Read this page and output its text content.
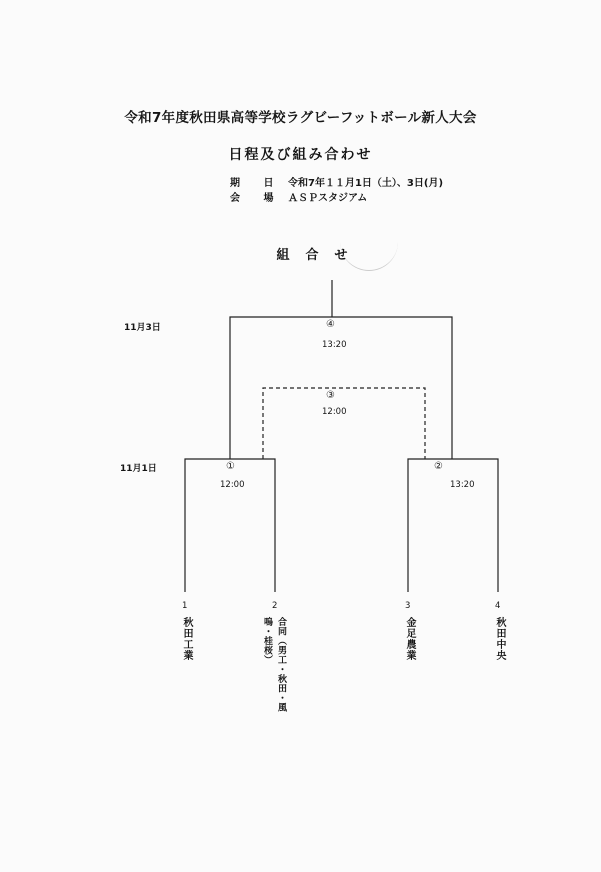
令和7年度秋田県高等学校ラグビーフットボール新人大会
日程及び組み合わせ
期 日 令和7年１１月1日（土）、3日(月)
会 場 ＡＳＰスタジアム
組合せ
11月3日
11月1日
④
13:20
③
12:00
①
12:00
②
13:20
1
秋田工業
2
合同（男工・秋田・風嗚・桂桜）
3
金足農業
4
秋田中央
